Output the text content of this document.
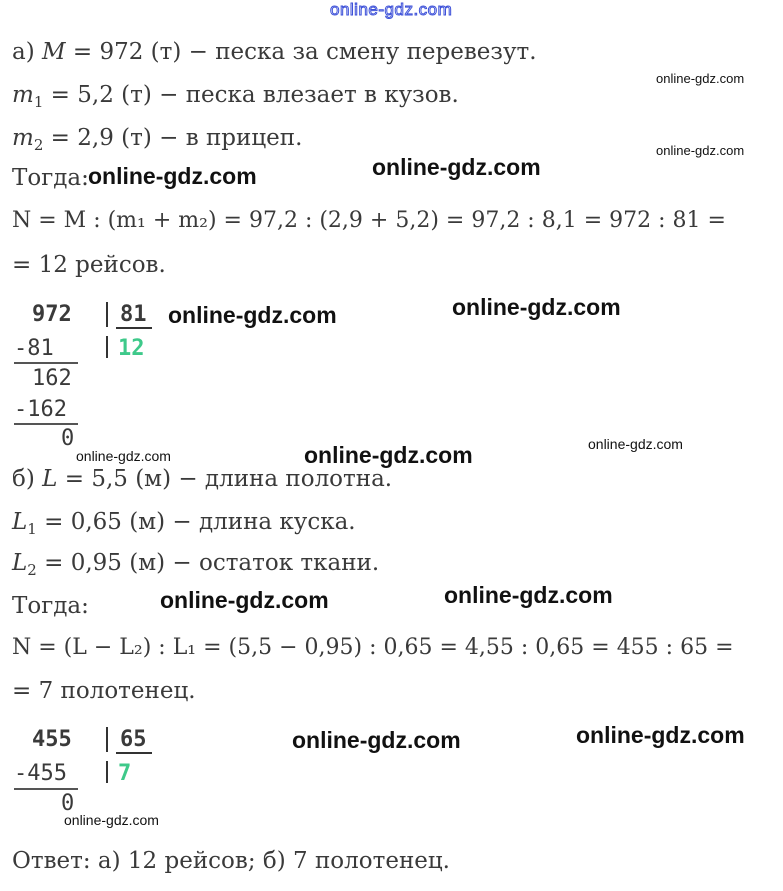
online-gdz.com
а) M = 972 (т) − песка за смену перевезут.
$m_1 = 5,2$ (т) − песка влезает в кузов.
$m_2 = 2,9$ (т) − в прицеп.
Тогда:
N = M : (m₁ + m₂) = 97,2 : (2,9 + 5,2) = 97,2 : 8,1 = 972 : 81 =
= 12 рейсов.
972 81
12
-81
162
-162
0
б) L = 5,5 (м) − длина полотна.
$L_1 = 0,65$ (м) − длина куска.
$L_2 = 0,95$ (м) − остаток ткани.
Тогда:
N = (L − L₂) : L₁ = (5,5 − 0,95) : 0,65 = 4,55 : 0,65 = 455 : 65 =
= 7 полотенец.
455 65
7
-455
0
Ответ: а) 12 рейсов; б) 7 полотенец.
online-gdz.com
online-gdz.com
online-gdz.com	online-gdz.com
online-gdz.com	online-gdz.com
online-gdz.com	online-gdz.com	online-gdz.com
online-gdz.com	online-gdz.com
online-gdz.com	online-gdz.com
online-gdz.com
